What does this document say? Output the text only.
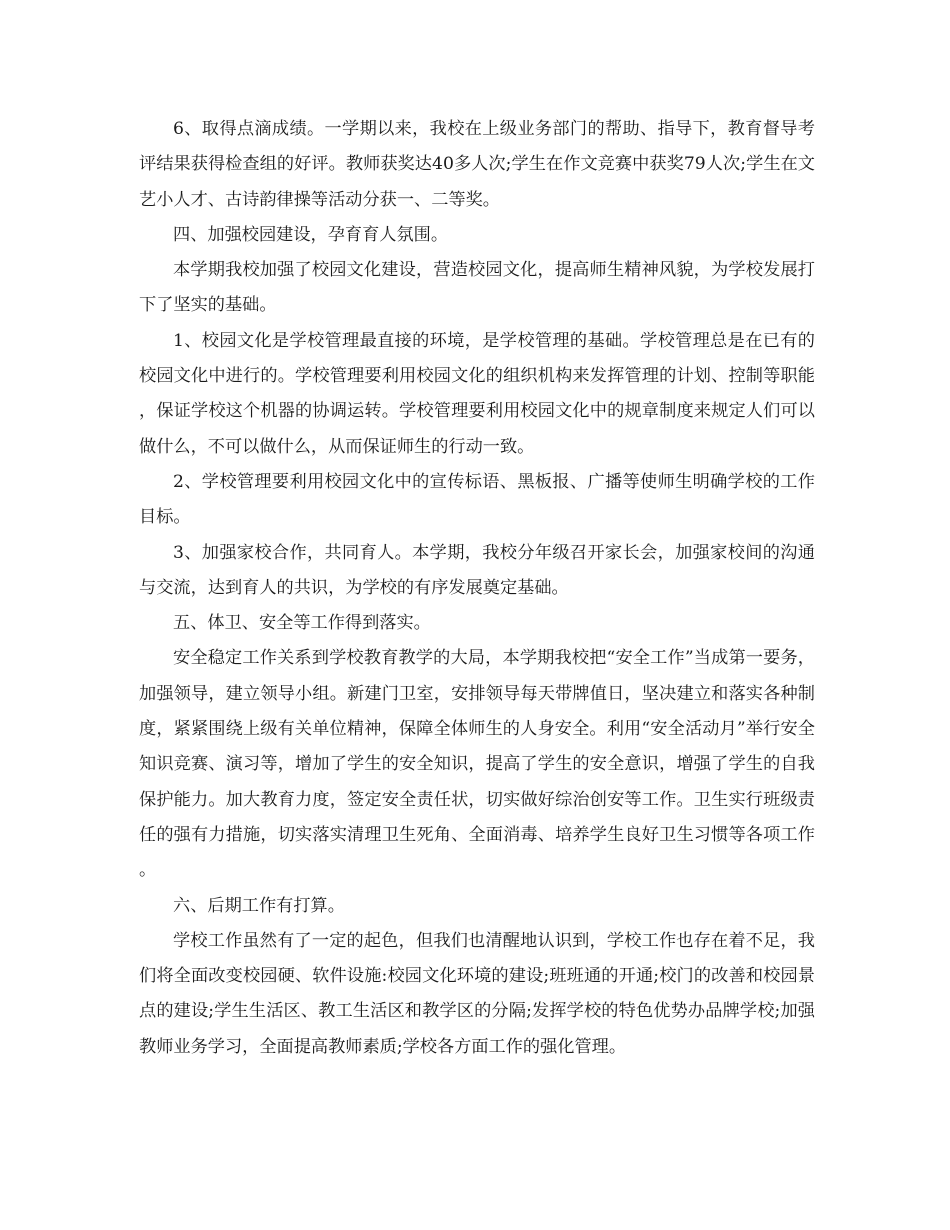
6、取得点滴成绩。一学期以来，我校在上级业务部门的帮助、指导下，教育督导考评结果获得检查组的好评。教师获奖达40多人次;学生在作文竞赛中获奖79人次;学生在文艺小人才、古诗韵律操等活动分获一、二等奖。

四、加强校园建设，孕育育人氛围。

本学期我校加强了校园文化建设，营造校园文化，提高师生精神风貌，为学校发展打下了坚实的基础。

1、校园文化是学校管理最直接的环境，是学校管理的基础。学校管理总是在已有的校园文化中进行的。学校管理要利用校园文化的组织机构来发挥管理的计划、控制等职能，保证学校这个机器的协调运转。学校管理要利用校园文化中的规章制度来规定人们可以做什么，不可以做什么，从而保证师生的行动一致。

2、学校管理要利用校园文化中的宣传标语、黑板报、广播等使师生明确学校的工作目标。

3、加强家校合作，共同育人。本学期，我校分年级召开家长会，加强家校间的沟通与交流，达到育人的共识，为学校的有序发展奠定基础。

五、体卫、安全等工作得到落实。

安全稳定工作关系到学校教育教学的大局，本学期我校把“安全工作”当成第一要务，加强领导，建立领导小组。新建门卫室，安排领导每天带牌值日，坚决建立和落实各种制度，紧紧围绕上级有关单位精神，保障全体师生的人身安全。利用“安全活动月”举行安全知识竞赛、演习等，增加了学生的安全知识，提高了学生的安全意识，增强了学生的自我保护能力。加大教育力度，签定安全责任状，切实做好综治创安等工作。卫生实行班级责任的强有力措施，切实落实清理卫生死角、全面消毒、培养学生良好卫生习惯等各项工作。

六、后期工作有打算。

学校工作虽然有了一定的起色，但我们也清醒地认识到，学校工作也存在着不足，我们将全面改变校园硬、软件设施:校园文化环境的建设;班班通的开通;校门的改善和校园景点的建设;学生生活区、教工生活区和教学区的分隔;发挥学校的特色优势办品牌学校;加强教师业务学习，全面提高教师素质;学校各方面工作的强化管理。
